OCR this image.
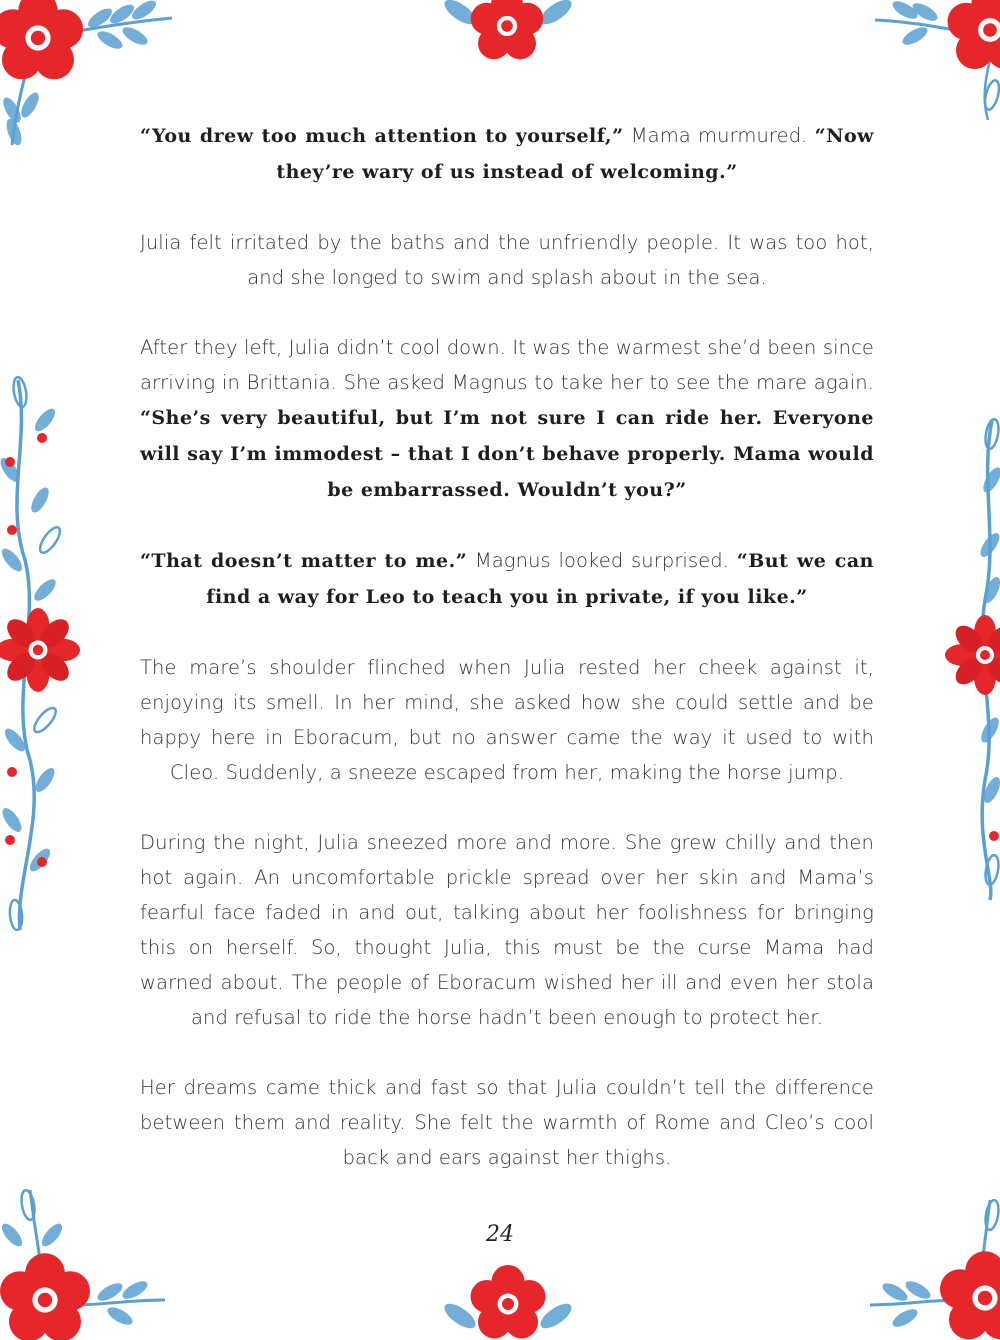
“You drew too much attention to yourself,” Mama murmured. “Now they’re wary of us instead of welcoming.”

Julia felt irritated by the baths and the unfriendly people. It was too hot, and she longed to swim and splash about in the sea.

After they left, Julia didn’t cool down. It was the warmest she’d been since arriving in Brittania. She asked Magnus to take her to see the mare again. “She’s very beautiful, but I’m not sure I can ride her. Everyone will say I’m immodest – that I don’t behave properly. Mama would be embarrassed. Wouldn’t you?”

“That doesn’t matter to me.” Magnus looked surprised. “But we can find a way for Leo to teach you in private, if you like.”

The mare’s shoulder flinched when Julia rested her cheek against it, enjoying its smell. In her mind, she asked how she could settle and be happy here in Eboracum, but no answer came the way it used to with Cleo. Suddenly, a sneeze escaped from her, making the horse jump.

During the night, Julia sneezed more and more. She grew chilly and then hot again. An uncomfortable prickle spread over her skin and Mama’s fearful face faded in and out, talking about her foolishness for bringing this on herself. So, thought Julia, this must be the curse Mama had warned about. The people of Eboracum wished her ill and even her stola and refusal to ride the horse hadn’t been enough to protect her.

Her dreams came thick and fast so that Julia couldn’t tell the difference between them and reality. She felt the warmth of Rome and Cleo’s cool back and ears against her thighs.

24
